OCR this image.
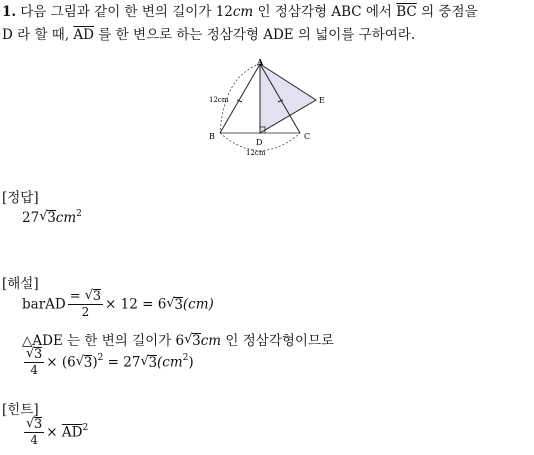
1. 다음 그림과 같이 한 변의 길이가 12cm 인 정삼각형 ABC 에서 $\overline{BC}$ 의 중점을
D 라 할 때, $\overline{AD}$ 를 한 변으로 하는 정삼각형 ADE 의 넓이를 구하여라.
A
B	C
D
E
12cm
12cm
[정답]
27 √ $3cm^2$
[해설]
barAD $\frac{= √ 3}{2} \times 12 = 6$ √ 3(cm)
△ADE 는 한 변의 길이가 6 √ 3cm 인 정삼각형이므로
√ $\frac{3}{4} \times (6$ √ 3)$^2$ = 27 √ $3(cm^2)$
[힌트]
√ $\frac{3}{4} \times \overline{AD}^2$
